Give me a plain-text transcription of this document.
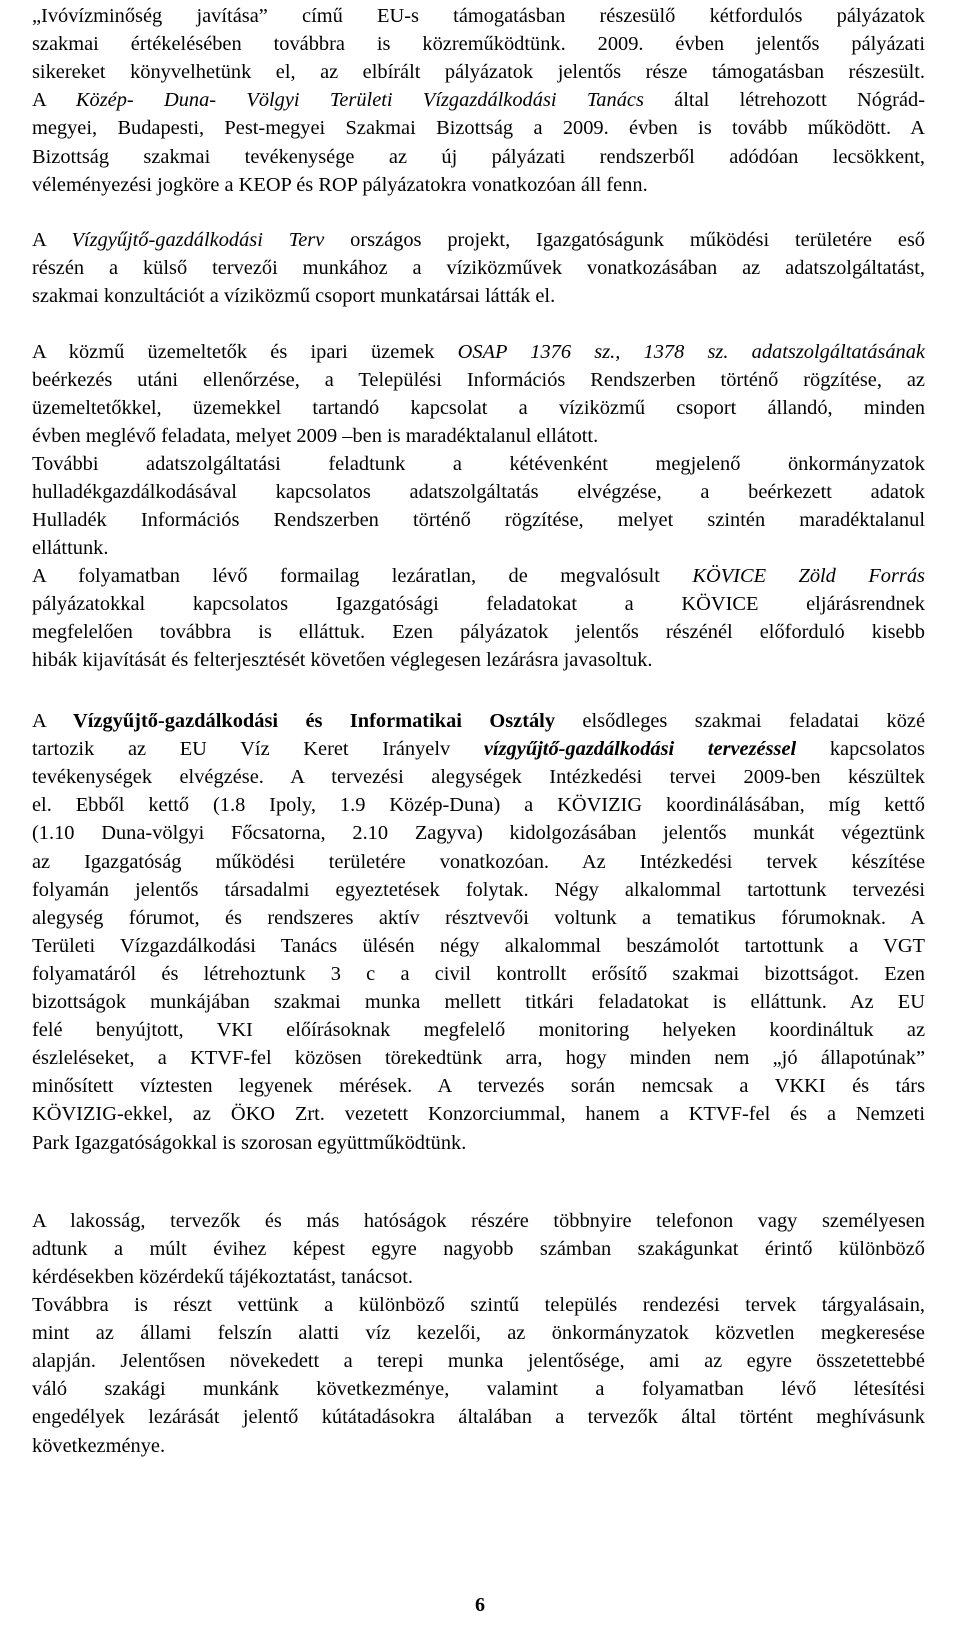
„Ivóvízminőség javítása” című EU-s támogatásban részesülő kétfordulós pályázatok
szakmai értékelésében továbbra is közreműködtünk. 2009. évben jelentős pályázati
sikereket könyvelhetünk el, az elbírált pályázatok jelentős része támogatásban részesült.
A Közép- Duna- Völgyi Területi Vízgazdálkodási Tanács által létrehozott Nógrád-
megyei, Budapesti, Pest-megyei Szakmai Bizottság a 2009. évben is tovább működött. A
Bizottság szakmai tevékenysége az új pályázati rendszerből adódóan lecsökkent,
véleményezési jogköre a KEOP és ROP pályázatokra vonatkozóan áll fenn.
A Vízgyűjtő-gazdálkodási Terv országos projekt, Igazgatóságunk működési területére eső
részén a külső tervezői munkához a víziközművek vonatkozásában az adatszolgáltatást,
szakmai konzultációt a víziközmű csoport munkatársai látták el.
A közmű üzemeltetők és ipari üzemek OSAP 1376 sz., 1378 sz. adatszolgáltatásának
beérkezés utáni ellenőrzése, a Települési Információs Rendszerben történő rögzítése, az
üzemeltetőkkel, üzemekkel tartandó kapcsolat a víziközmű csoport állandó, minden
évben meglévő feladata, melyet 2009 –ben is maradéktalanul ellátott.
További adatszolgáltatási feladtunk a kétévenként megjelenő önkormányzatok
hulladékgazdálkodásával kapcsolatos adatszolgáltatás elvégzése, a beérkezett adatok
Hulladék Információs Rendszerben történő rögzítése, melyet szintén maradéktalanul
elláttunk.
A folyamatban lévő formailag lezáratlan, de megvalósult KÖVICE Zöld Forrás
pályázatokkal kapcsolatos Igazgatósági feladatokat a KÖVICE eljárásrendnek
megfelelően továbbra is elláttuk. Ezen pályázatok jelentős részénél előforduló kisebb
hibák kijavítását és felterjesztését követően véglegesen lezárásra javasoltuk.
A Vízgyűjtő-gazdálkodási és Informatikai Osztály elsődleges szakmai feladatai közé
tartozik az EU Víz Keret Irányelv vízgyűjtő-gazdálkodási tervezéssel kapcsolatos
tevékenységek elvégzése. A tervezési alegységek Intézkedési tervei 2009-ben készültek
el. Ebből kettő (1.8 Ipoly, 1.9 Közép-Duna) a KÖVIZIG koordinálásában, míg kettő
(1.10 Duna-völgyi Főcsatorna, 2.10 Zagyva) kidolgozásában jelentős munkát végeztünk
az Igazgatóság működési területére vonatkozóan. Az Intézkedési tervek készítése
folyamán jelentős társadalmi egyeztetések folytak. Négy alkalommal tartottunk tervezési
alegység fórumot, és rendszeres aktív résztvevői voltunk a tematikus fórumoknak. A
Területi Vízgazdálkodási Tanács ülésén négy alkalommal beszámolót tartottunk a VGT
folyamatáról és létrehoztunk 3 c a civil kontrollt erősítő szakmai bizottságot. Ezen
bizottságok munkájában szakmai munka mellett titkári feladatokat is elláttunk. Az EU
felé benyújtott, VKI előírásoknak megfelelő monitoring helyeken koordináltuk az
észleléseket, a KTVF-fel közösen törekedtünk arra, hogy minden nem „jó állapotúnak”
minősített víztesten legyenek mérések. A tervezés során nemcsak a VKKI és társ
KÖVIZIG-ekkel, az ÖKO Zrt. vezetett Konzorciummal, hanem a KTVF-fel és a Nemzeti
Park Igazgatóságokkal is szorosan együttműködtünk.
A lakosság, tervezők és más hatóságok részére többnyire telefonon vagy személyesen
adtunk a múlt évihez képest egyre nagyobb számban szakágunkat érintő különböző
kérdésekben közérdekű tájékoztatást, tanácsot.
Továbbra is részt vettünk a különböző szintű település rendezési tervek tárgyalásain,
mint az állami felszín alatti víz kezelői, az önkormányzatok közvetlen megkeresése
alapján. Jelentősen növekedett a terepi munka jelentősége, ami az egyre összetettebbé
váló szakági munkánk következménye, valamint a folyamatban lévő létesítési
engedélyek lezárását jelentő kútátadásokra általában a tervezők által történt meghívásunk
következménye.
6
